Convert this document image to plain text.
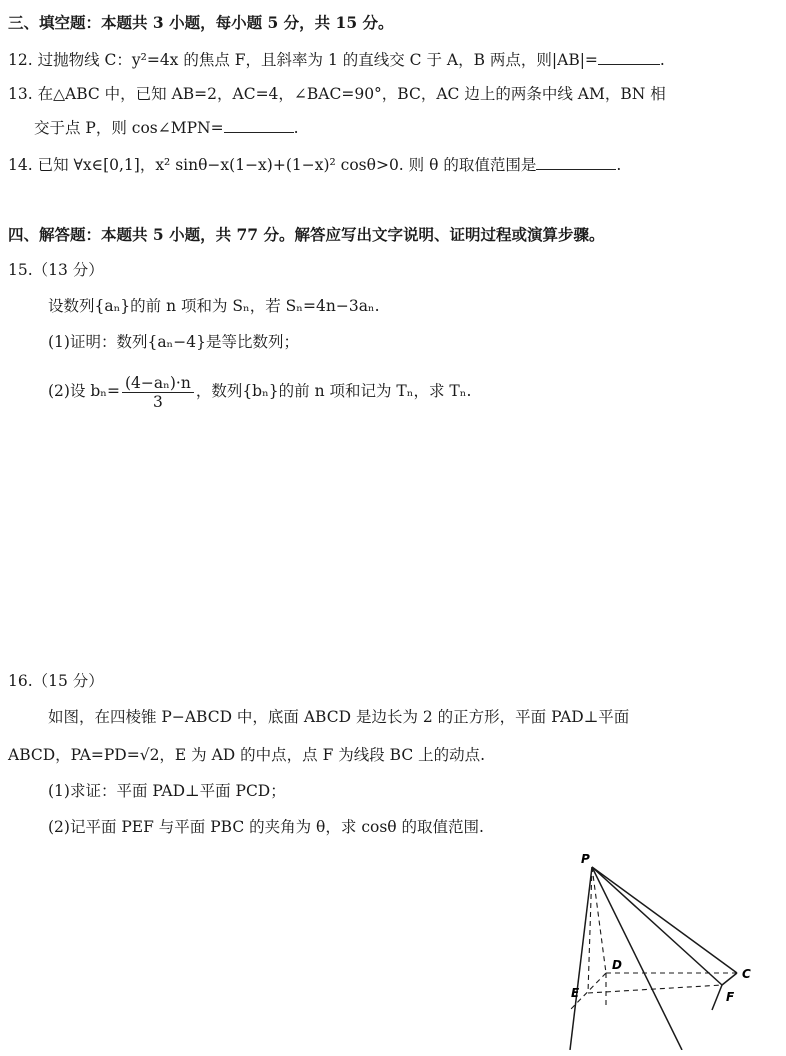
三、填空题：本题共 3 小题，每小题 5 分，共 15 分。
12. 过抛物线 C：y²=4x 的焦点 F，且斜率为 1 的直线交 C 于 A，B 两点，则|AB|=	.
13. 在△ABC 中，已知 AB=2，AC=4，∠BAC=90°，BC，AC 边上的两条中线 AM，BN 相
交于点 P，则 cos∠MPN=	.
14. 已知 ∀x∈[0,1]，x² sinθ−x(1−x)+(1−x)² cosθ>0. 则 θ 的取值范围是	.
四、解答题：本题共 5 小题，共 77 分。解答应写出文字说明、证明过程或演算步骤。
15.（13 分）
设数列{aₙ}的前 n 项和为 Sₙ，若 Sₙ=4n−3aₙ.
(1)证明：数列{aₙ−4}是等比数列；
(2)设 $b_n= \frac{\text{(4−aₙ)·n}}{3}$ ，数列{bₙ}的前 n 项和记为 Tₙ，求 Tₙ.
16.（15 分）
如图，在四棱锥 P−ABCD 中，底面 ABCD 是边长为 2 的正方形，平面 PAD⊥平面
ABCD，PA=PD=√2，E 为 AD 的中点，点 F 为线段 BC 上的动点.
(1)求证：平面 PAD⊥平面 PCD；
(2)记平面 PEF 与平面 PBC 的夹角为 θ，求 cosθ 的取值范围.
P
D
C
E	F
